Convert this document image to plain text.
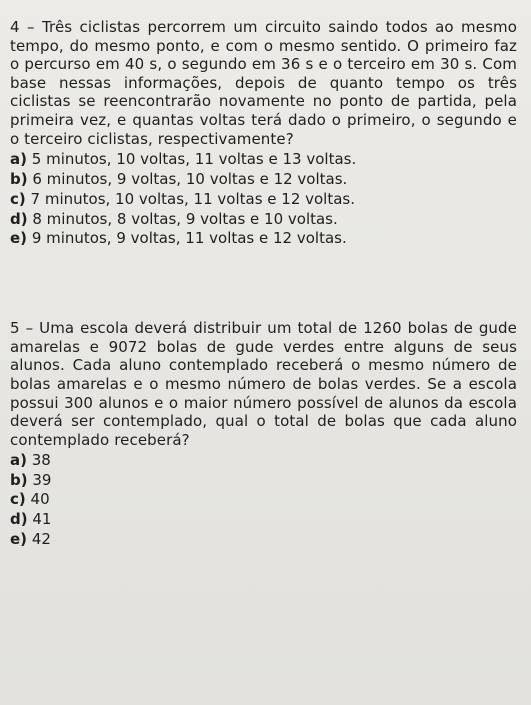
4 – Três ciclistas percorrem um circuito saindo todos ao mesmo tempo, do mesmo ponto, e com o mesmo sentido. O primeiro faz o percurso em 40 s, o segundo em 36 s e o terceiro em 30 s. Com base nessas informações, depois de quanto tempo os três ciclistas se reencontrarão novamente no ponto de partida, pela primeira vez, e quantas voltas terá dado o primeiro, o segundo e o terceiro ciclistas, respectivamente?

a) 5 minutos, 10 voltas, 11 voltas e 13 voltas.
b) 6 minutos, 9 voltas, 10 voltas e 12 voltas.
c) 7 minutos, 10 voltas, 11 voltas e 12 voltas.
d) 8 minutos, 8 voltas, 9 voltas e 10 voltas.
e) 9 minutos, 9 voltas, 11 voltas e 12 voltas.

5 – Uma escola deverá distribuir um total de 1260 bolas de gude amarelas e 9072 bolas de gude verdes entre alguns de seus alunos. Cada aluno contemplado receberá o mesmo número de bolas amarelas e o mesmo número de bolas verdes. Se a escola possui 300 alunos e o maior número possível de alunos da escola deverá ser contemplado, qual o total de bolas que cada aluno contemplado receberá?

a) 38
b) 39
c) 40
d) 41
e) 42
